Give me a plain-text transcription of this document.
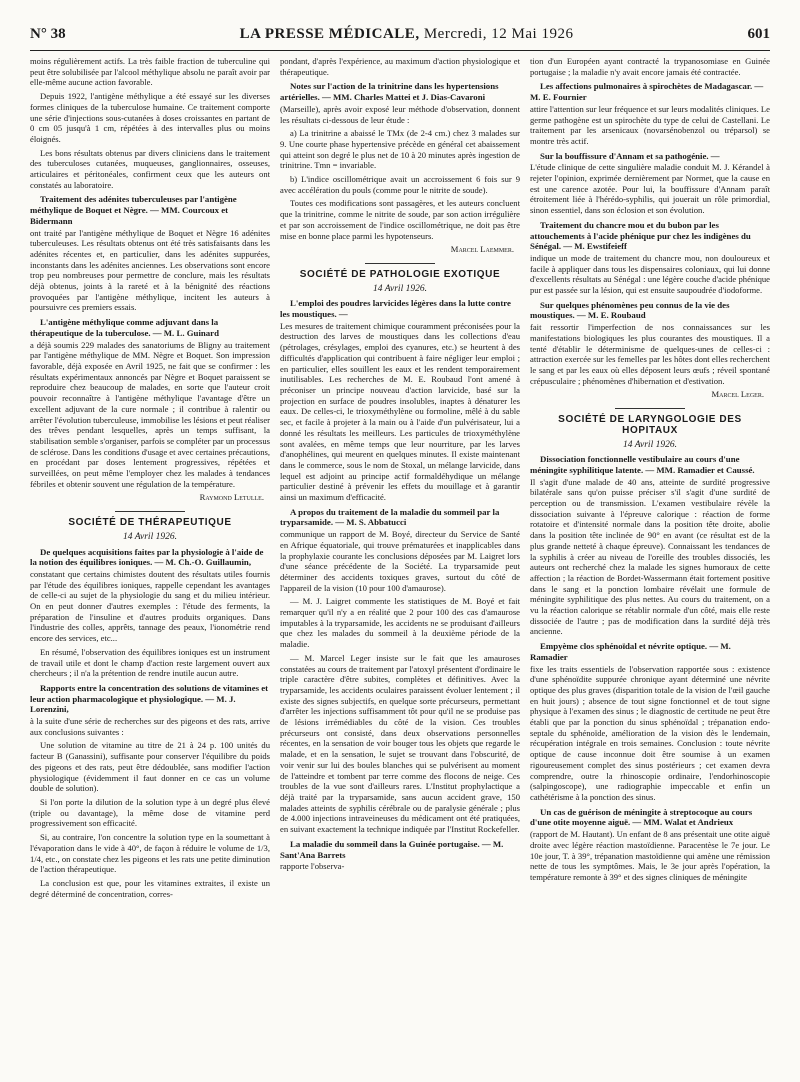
N° 38	LA PRESSE MÉDICALE, Mercredi, 12 Mai 1926	601

moins régulièrement actifs. La très faible fraction de tuberculine qui peut être solubilisée par l'alcool méthylique absolu ne paraît avoir par elle-même aucune action favorable.

Depuis 1922, l'antigène méthylique a été essayé sur les diverses formes cliniques de la tuberculose humaine. Ce traitement comporte une série d'injections sous-cutanées à doses croissantes en partant de 0 cm 05 jusqu'à 1 cm, répétées à des intervalles plus ou moins éloignés.

Les bons résultats obtenus par divers cliniciens dans le traitement des tuberculoses cutanées, muqueuses, ganglionnaires, osseuses, articulaires et péritonéales, confirment ceux que les auteurs ont constatés au laboratoire.

Traitement des adénites tuberculeuses par l'antigène méthylique de Boquet et Nègre. — MM. Courcoux et Bidermann

ont traité par l'antigène méthylique de Boquet et Nègre 16 adénites tuberculeuses. Les résultats obtenus ont été très satisfaisants dans les adénites récentes et, en particulier, dans les adénites suppurées, inconstants dans les adénites anciennes. Les observations sont encore trop peu nombreuses pour permettre de conclure, mais les résultats déjà obtenus, joints à la rareté et à la bénignité des réactions provoquées par l'antigène méthylique, incitent les auteurs à poursuivre ces premiers essais.

L'antigène méthylique comme adjuvant dans la thérapeutique de la tuberculose. — M. L. Guinard

a déjà soumis 229 malades des sanatoriums de Bligny au traitement par l'antigène méthylique de MM. Nègre et Boquet. Son impression favorable, déjà exposée en Avril 1925, ne fait que se confirmer : les résultats expérimentaux annoncés par Nègre et Boquet paraissent se reproduire chez beaucoup de malades, en sorte que l'auteur croit pouvoir reconnaître à l'antigène méthylique l'avantage d'être un excellent adjuvant de la cure normale ; il contribue à ralentir ou arrêter l'évolution tuberculeuse, immobilise les lésions et peut réaliser des trêves pendant lesquelles, après un temps suffisant, la stabilisation semble s'organiser, parfois se compléter par un processus de sclérose. Dans les conditions d'usage et avec certaines précautions, en procédant par doses lentement progressives, répétées et surveillées, on peut même l'employer chez les malades à tendances fébriles et obtenir souvent une régulation de la température.

Raymond Letulle.
SOCIÉTÉ DE THÉRAPEUTIQUE
14 Avril 1926.
De quelques acquisitions faites par la physiologie à l'aide de la notion des équilibres ioniques. — M. Ch.-O. Guillaumin,

constatant que certains chimistes doutent des résultats utiles fournis par l'étude des équilibres ioniques, rappelle cependant les avantages de celle-ci au sujet de la physiologie du sang et du milieu intérieur. On en peut donner d'autres exemples : l'étude des ferments, la préparation de l'insuline et d'autres produits organiques. Dans l'industrie des colles, apprêts, tannage des peaux, l'ionométrie rend encore des services, etc...

En résumé, l'observation des équilibres ioniques est un instrument de travail utile et dont le champ d'action reste largement ouvert aux chercheurs ; il n'a la prétention de rendre inutile aucun autre.

Rapports entre la concentration des solutions de vitamines et leur action pharmacologique et physiologique. — M. J. Lorenzini,

à la suite d'une série de recherches sur des pigeons et des rats, arrive aux conclusions suivantes :

Une solution de vitamine au titre de 21 à 24 p. 100 unités du facteur B (Ganassini), suffisante pour conserver l'équilibre du poids des pigeons et des rats, peut être dédoublée, sans modifier l'action physiologique (évidemment il faut donner en ce cas un volume double de solution).

Si l'on porte la dilution de la solution type à un degré plus élevé (triple ou davantage), la même dose de vitamine perd progressivement son efficacité.

Si, au contraire, l'on concentre la solution type en la soumettant à l'évaporation dans le vide à 40°, de façon à réduire le volume de 1/3, 1/4, etc., on constate chez les pigeons et les rats une petite diminution de l'action thérapeutique.

La conclusion est que, pour les vitamines extraites, il existe un degré déterminé de concentration, corres-

pondant, d'après l'expérience, au maximum d'action physiologique et thérapeutique.

Notes sur l'action de la trinitrine dans les hypertensions artérielles. — MM. Charles Mattei et J. Dias-Cavaroni

(Marseille), après avoir exposé leur méthode d'observation, donnent les résultats ci-dessous de leur étude :

a) La trinitrine a abaissé le TMx (de 2-4 cm.) chez 3 malades sur 9. Une courte phase hypertensive précède en général cet abaissement qui atteint son degré le plus net de 10 à 20 minutes après ingestion de trinitrine. Tmn = invariable.

b) L'indice oscillométrique avait un accroissement 6 fois sur 9 avec accélération du pouls (comme pour le nitrite de soude).

Toutes ces modifications sont passagères, et les auteurs concluent que la trinitrine, comme le nitrite de soude, par son action irrégulière et par son accroissement de l'indice oscillométrique, ne doit pas être mise en bonne place parmi les hypotenseurs.

Marcel Laemmer.
SOCIÉTÉ DE PATHOLOGIE EXOTIQUE
14 Avril 1926.
L'emploi des poudres larvicides légères dans la lutte contre les moustiques. —

Les mesures de traitement chimique couramment préconisées pour la destruction des larves de moustiques dans les collections d'eau (pétrolages, crésylages, emploi des cyanures, etc.) se heurtent à des difficultés d'application qui contribuent à faire négliger leur emploi ; en particulier, elles souillent les eaux et les rendent temporairement inutilisables. Les recherches de M. E. Roubaud l'ont amené à préconiser un principe nouveau d'action larvicide, basé sur la projection en surface de poudres insolubles, inaptes à dénaturer les eaux. De celles-ci, le trioxyméthylène ou formoline, mêlé à du sable sec, et facile à projeter à la main ou à l'aide d'un pulvérisateur, lui a donné les résultats les meilleurs. Les particules de trioxyméthylène sont avalées, en même temps que leur nourriture, par les larves d'anophélines, qui meurent en quelques minutes. Il existe maintenant dans le commerce, sous le nom de Stoxal, un mélange larvicide, dans lequel est adjoint au principe actif formaldéhydique un mélange particulier destiné à prévenir les effets du mouillage et à garantir ainsi un maximum d'efficacité.

A propos du traitement de la maladie du sommeil par la tryparsamide. — M. S. Abbatucci

communique un rapport de M. Boyé, directeur du Service de Santé en Afrique équatoriale, qui trouve prématurées et inapplicables dans la prophylaxie courante les conclusions déposées par M. Laigret lors d'une séance précédente de la Société. La tryparsamide peut déterminer des accidents toxiques graves, surtout du côté de l'appareil de la vision (10 pour 100 d'amaurose).

— M. J. Laigret commente les statistiques de M. Boyé et fait remarquer qu'il n'y a en réalité que 2 pour 100 des cas d'amaurose imputables à la tryparsamide, les accidents ne se produisant d'ailleurs que chez les malades du sommeil à la deuxième période de la maladie.

— M. Marcel Leger insiste sur le fait que les amauroses constatées au cours de traitement par l'atoxyl présentent d'ordinaire le triple caractère d'être subites, complètes et définitives. Avec la tryparsamide, les accidents oculaires paraissent évoluer lentement ; il existe des signes subjectifs, en quelque sorte précurseurs, permettant d'arrêter les injections suffisamment tôt pour qu'il ne se produise pas de lésions irrémédiables du côté de la vision. Ces troubles précurseurs ont consisté, dans deux observations personnelles récentes, en la sensation de voir bouger tous les objets que regarde le malade, et en la sensation, le sujet se trouvant dans l'obscurité, de voir venir sur lui des boules blanches qui se pulvérisent au moment de l'atteindre et tombent par terre comme des flocons de neige. Ces troubles de la vue sont d'ailleurs rares. L'Institut prophylactique a déjà traité par la tryparsamide, sans aucun accident grave, 150 malades atteints de syphilis cérébrale ou de paralysie générale ; plus de 4.000 injections intraveineuses du médicament ont été pratiquées, en suivant exactement la technique indiquée par l'Institut Rockefeller.

La maladie du sommeil dans la Guinée portugaise. — M. Sant'Ana Barrets

rapporte l'observa-

tion d'un Européen ayant contracté la trypanosomiase en Guinée portugaise ; la maladie n'y avait encore jamais été contractée.

Les affections pulmonaires à spirochètes de Madagascar. — M. E. Fournier

attire l'attention sur leur fréquence et sur leurs modalités cliniques. Le germe pathogène est un spirochète du type de celui de Castellani. Le traitement par les arsenicaux (novarsénobenzol ou tréparsol) se montre très actif.

Sur la bouffissure d'Annam et sa pathogénie. —

L'étude clinique de cette singulière maladie conduit M. J. Kérandel à rejeter l'opinion, exprimée dernièrement par Normet, que la cause en est une carence azotée. Pour lui, la bouffissure d'Annam paraît étroitement liée à l'hérédo-syphilis, qui jouerait un rôle primordial, sinon essentiel, dans son éclosion et son évolution.

Traitement du chancre mou et du bubon par les attouchements à l'acide phénique pur chez les indigènes du Sénégal. — M. Ewstifeieff

indique un mode de traitement du chancre mou, non douloureux et facile à appliquer dans tous les dispensaires coloniaux, qui lui donne d'excellents résultats au Sénégal : une légère couche d'acide phénique pur est passée sur la lésion, qui est ensuite saupoudrée d'iodoforme.

Sur quelques phénomènes peu connus de la vie des moustiques. — M. E. Roubaud

fait ressortir l'imperfection de nos connaissances sur les manifestations biologiques les plus courantes des moustiques. Il a tenté d'établir le déterminisme de quelques-unes de celles-ci : attraction exercée sur les femelles par les hôtes dont elles recherchent le sang et par les eaux où elles déposent leurs œufs ; réveil spontané crépusculaire ; phénomènes d'hibernation et d'estivation.

Marcel Leger.
SOCIÉTÉ DE LARYNGOLOGIE DES HOPITAUX
14 Avril 1926.
Dissociation fonctionnelle vestibulaire au cours d'une méningite syphilitique latente. — MM. Ramadier et Caussé.

Il s'agit d'une malade de 40 ans, atteinte de surdité progressive bilatérale sans qu'on puisse préciser s'il s'agit d'une surdité de perception ou de transmission. L'examen vestibulaire révèle la dissociation suivante à l'épreuve calorique : réaction de forme rotatoire et d'intensité normale dans la position tête droite, abolie dans la position tête inclinée de 90° en avant (ce résultat est de la plus grande netteté à chaque épreuve). Connaissant les tendances de la syphilis à créer au niveau de l'oreille des troubles dissociés, les auteurs ont recherché chez la malade les signes humoraux de cette affection ; la réaction de Bordet-Wassermann était fortement positive dans le sang et la ponction lombaire révélait une formule de méningite syphilitique des plus nettes. Au cours du traitement, on a vu la réaction calorique se rétablir normale d'un côté, mais elle reste dissociée de l'autre ; pas de modification dans la surdité déjà très ancienne.

Empyème clos sphénoïdal et névrite optique. — M. Ramadier

fixe les traits essentiels de l'observation rapportée sous : existence d'une sphénoïdite suppurée chronique ayant déterminé une névrite optique des plus graves (disparition totale de la vision de l'œil gauche en huit jours) ; absence de tout signe fonctionnel et de tout signe physique à l'examen des sinus ; le diagnostic de certitude ne peut être établi que par la ponction du sinus sphénoïdal ; trépanation endo-septale du sphénoïde, amélioration de la vision dès le lendemain, récupération intégrale en trois semaines. Conclusion : toute névrite optique de cause inconnue doit être soumise à un examen rigoureusement complet des sinus postérieurs ; cet examen devra comprendre, outre la rhinoscopie ordinaire, l'endorhinoscopie (salpingoscope), une radiographie impeccable et enfin un cathétérisme à la ponction des sinus.

Un cas de guérison de méningite à streptocoque au cours d'une otite moyenne aiguë. — MM. Walat et Andrieux

(rapport de M. Hautant). Un enfant de 8 ans présentait une otite aiguë droite avec légère réaction mastoïdienne. Paracentèse le 7e jour. Le 10e jour, T. à 39°, trépanation mastoïdienne qui amène une rémission nette de tous les symptômes. Mais, le 3e jour après l'opération, la température remonte à 39° et des signes cliniques de méningite
